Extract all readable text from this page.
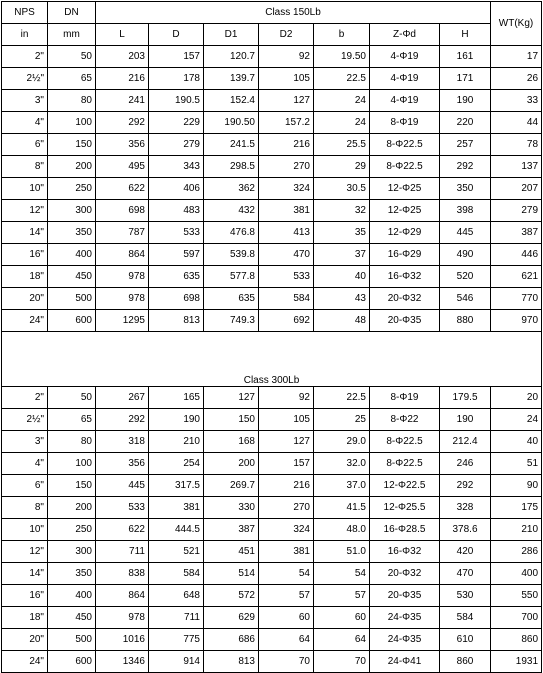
NPS	DN	Class 150Lb							WT(Kg)
in	mm	L	D	D1	D2	b	Z-Φd	H	
2"	50	203	157	120.7	92	19.50	4-Φ19	161	17
2½"	65	216	178	139.7	105	22.5	4-Φ19	171	26
3"	80	241	190.5	152.4	127	24	4-Φ19	190	33
4"	100	292	229	190.50	157.2	24	8-Φ19	220	44
6"	150	356	279	241.5	216	25.5	8-Φ22.5	257	78
8"	200	495	343	298.5	270	29	8-Φ22.5	292	137
10"	250	622	406	362	324	30.5	12-Φ25	350	207
12"	300	698	483	432	381	32	12-Φ25	398	279
14"	350	787	533	476.8	413	35	12-Φ29	445	387
16"	400	864	597	539.8	470	37	16-Φ29	490	446
18"	450	978	635	577.8	533	40	16-Φ32	520	621
20"	500	978	698	635	584	43	20-Φ32	546	770
24"	600	1295	813	749.3	692	48	20-Φ35	880	970

Class 300Lb									
2"	50	267	165	127	92	22.5	8-Φ19	179.5	20
2½"	65	292	190	150	105	25	8-Φ22	190	24
3"	80	318	210	168	127	29.0	8-Φ22.5	212.4	40
4"	100	356	254	200	157	32.0	8-Φ22.5	246	51
6"	150	445	317.5	269.7	216	37.0	12-Φ22.5	292	90
8"	200	533	381	330	270	41.5	12-Φ25.5	328	175
10"	250	622	444.5	387	324	48.0	16-Φ28.5	378.6	210
12"	300	711	521	451	381	51.0	16-Φ32	420	286
14"	350	838	584	514	54	54	20-Φ32	470	400
16"	400	864	648	572	57	57	20-Φ35	530	550
18"	450	978	711	629	60	60	24-Φ35	584	700
20"	500	1016	775	686	64	64	24-Φ35	610	860
24"	600	1346	914	813	70	70	24-Φ41	860	1931
